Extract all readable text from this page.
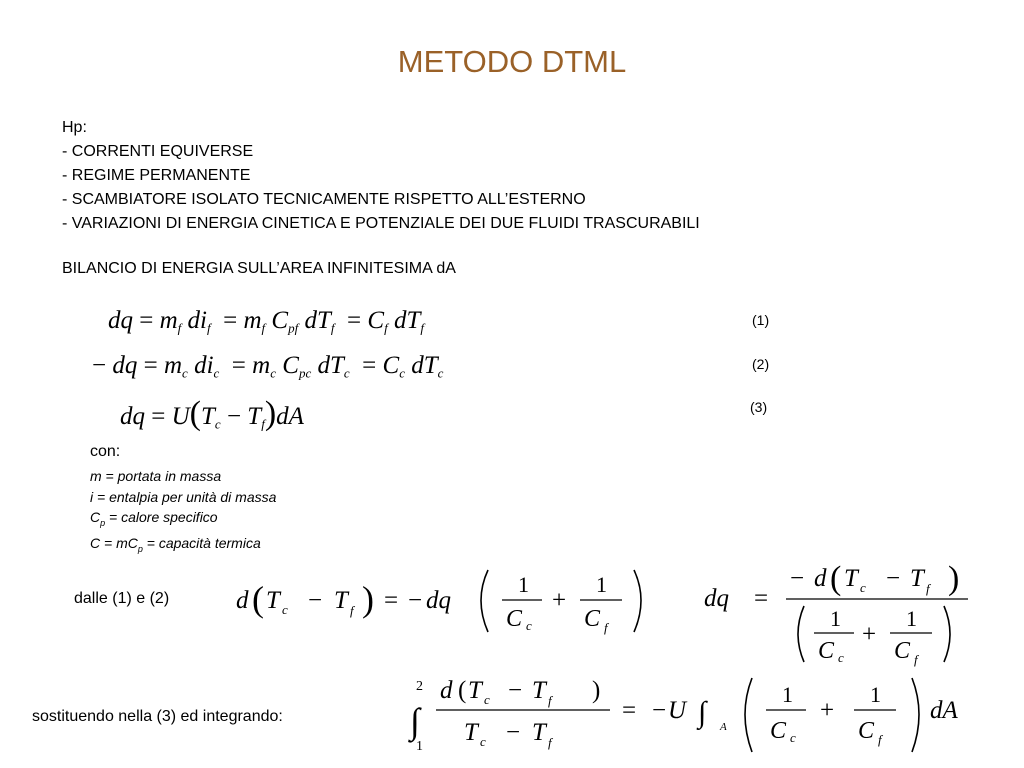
METODO DTML
Hp:
- CORRENTI EQUIVERSE
- REGIME PERMANENTE
- SCAMBIATORE ISOLATO TECNICAMENTE RISPETTO ALL’ESTERNO
- VARIAZIONI DI ENERGIA CINETICA E POTENZIALE DEI DUE FLUIDI TRASCURABILI
BILANCIO DI ENERGIA SULL’AREA INFINITESIMA dA
dq = $m_f$ $di_f = m_f$ $C_{pf}$ $dT_f = C_f$ $dT_f$
(1)
− dq = $m_c$ $di_c = m_c$ $C_{pc}$ $dT_c = C_c$ $dT_c$
(2)
dq = $U(T_c - T_f)dA$	(3)
con:
m = portata in massa
i = entalpia per unità di massa
$C_p$ = calore specifico
$C = mC_p$ = capacità termica
dalle (1) e (2)	d ( T c − T f ) = − dq
1
C c
+
1
C f
dq =
− d ( T c − T f )
1
C c
+
1
C f
sostituendo nella (3) ed integrando:
2
∫
1
d ( T c − T f )
T c − T f
= − U ∫ A
1
C c
+
1
C f
dA
